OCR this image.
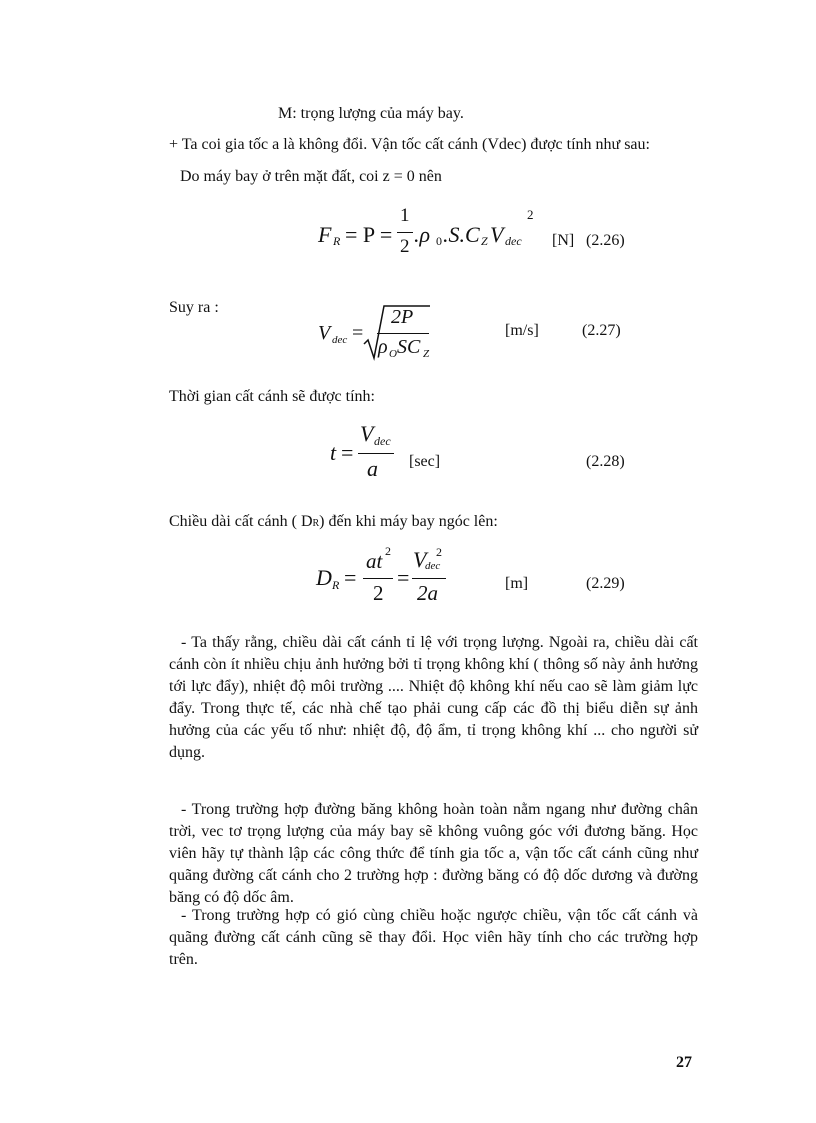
M: trọng lượng của máy bay.
+ Ta coi gia tốc a là không đổi. Vận tốc cất cánh (Vdec) được tính như sau:
Do máy bay ở trên mặt đất, coi z = 0 nên
F R = P =
1
2 .ρ 0 .S.C Z V dec
2
[N] (2.26)
Suy ra :
V dec =
2P
ρ O SC Z
[m/s]	(2.27)
Thời gian cất cánh sẽ được tính:
t =
V dec
a [sec]	(2.28)
Chiều dài cất cánh ( DR) đến khi máy bay ngóc lên:
D R =
at 2
2
=
V
dec
2
2a	[m]	(2.29)

- Ta thấy rằng, chiều dài cất cánh tỉ lệ với trọng lượng. Ngoài ra, chiều dài cất cánh còn ít nhiều chịu ảnh hưởng bởi tỉ trọng không khí ( thông số này ảnh hưởng tới lực đẩy), nhiệt độ môi trường .... Nhiệt độ không khí nếu cao sẽ làm giảm lực đẩy. Trong thực tế, các nhà chế tạo phải cung cấp các đồ thị biểu diễn sự ảnh hưởng của các yếu tố như: nhiệt độ, độ ẩm, tỉ trọng không khí ... cho người sử dụng.

- Trong trường hợp đường băng không hoàn toàn nằm ngang như đường chân trời, vec tơ trọng lượng của máy bay sẽ không vuông góc với đương băng. Học viên hãy tự thành lập các công thức để tính gia tốc a, vận tốc cất cánh cũng như quãng đường cất cánh cho 2 trường hợp : đường băng có độ dốc dương và đường băng có độ dốc âm.

- Trong trường hợp có gió cùng chiều hoặc ngược chiều, vận tốc cất cánh và quãng đường cất cánh cũng sẽ thay đổi. Học viên hãy tính cho các trường hợp trên.

27
